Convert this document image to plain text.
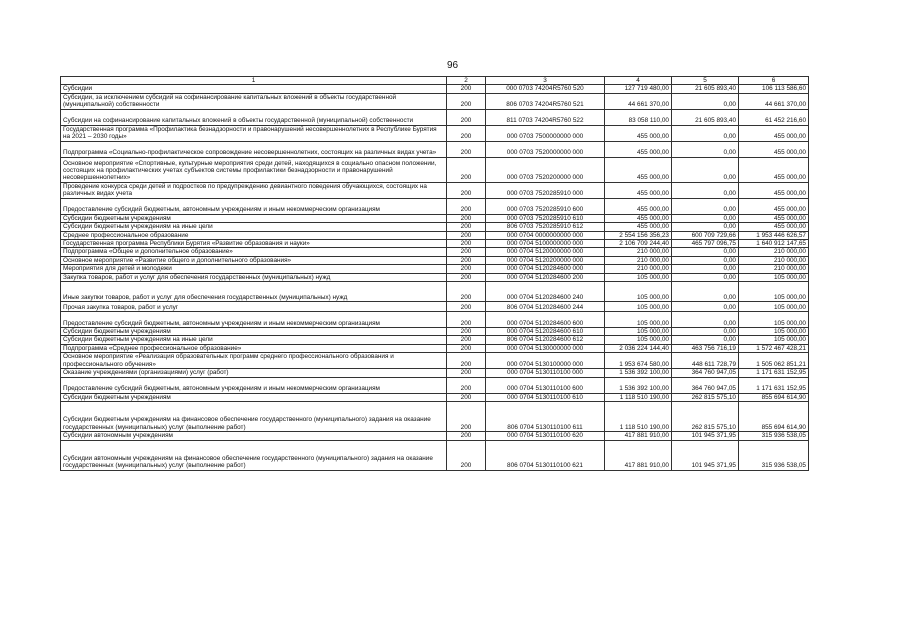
96
1	2	3	4	5	6
Субсидии	200	000 0703 74204R5760 520	127 719 480,00	21 605 893,40	106 113 586,60
Субсидии, за исключением субсидий на софинансирование капитальных вложений в объекты государственной (муниципальной) собственности	200	806 0703 74204R5760 521	44 661 370,00	0,00	44 661 370,00
Субсидии на софинансирование капитальных вложений в объекты государственной (муниципальной) собственности	200	811 0703 74204R5760 522	83 058 110,00	21 605 893,40	61 452 216,60
Государственная программа «Профилактика безнадзорности и правонарушений несовершеннолетних в Республике Бурятия на 2021 – 2030 годы»	200	000 0703 7500000000 000	455 000,00	0,00	455 000,00
Подпрограмма «Социально-профилактическое сопровождение несовершеннолетних, состоящих на различных видах учета»	200	000 0703 7520000000 000	455 000,00	0,00	455 000,00
Основное мероприятие «Спортивные, культурные мероприятия среди детей, находящихся в социально опасном положении, состоящих на профилактических учетах субъектов системы профилактики безнадзорности и правонарушений несовершеннолетних»	200	000 0703 7520200000 000	455 000,00	0,00	455 000,00
Проведение конкурса среди детей и подростков по предупреждению девиантного поведения обучающихся, состоящих на различных видах учета	200	000 0703 7520285910 000	455 000,00	0,00	455 000,00
Предоставление субсидий бюджетным, автономным учреждениям и иным некоммерческим организациям	200	000 0703 7520285910 600	455 000,00	0,00	455 000,00
Субсидии бюджетным учреждениям	200	000 0703 7520285910 610	455 000,00	0,00	455 000,00
Субсидии бюджетным учреждениям на иные цели	200	806 0703 7520285910 612	455 000,00	0,00	455 000,00
Среднее профессиональное образование	200	000 0704 0000000000 000	2 554 156 356,23	600 709 729,66	1 953 446 626,57
Государственная программа Республики Бурятия «Развитие образования и науки»	200	000 0704 5100000000 000	2 106 709 244,40	465 797 096,75	1 640 912 147,65
Подпрограмма «Общее и дополнительное образование»	200	000 0704 5120000000 000	210 000,00	0,00	210 000,00
Основное мероприятие «Развитие общего и дополнительного образования»	200	000 0704 5120200000 000	210 000,00	0,00	210 000,00
Мероприятия для детей и молодежи	200	000 0704 5120284600 000	210 000,00	0,00	210 000,00
Закупка товаров, работ и услуг для обеспечения государственных (муниципальных) нужд	200	000 0704 5120284600 200	105 000,00	0,00	105 000,00
Иные закупки товаров, работ и услуг для обеспечения государственных (муниципальных) нужд	200	000 0704 5120284600 240	105 000,00	0,00	105 000,00
Прочая закупка товаров, работ и услуг	200	806 0704 5120284600 244	105 000,00	0,00	105 000,00
Предоставление субсидий бюджетным, автономным учреждениям и иным некоммерческим организациям	200	000 0704 5120284600 600	105 000,00	0,00	105 000,00
Субсидии бюджетным учреждениям	200	000 0704 5120284600 610	105 000,00	0,00	105 000,00
Субсидии бюджетным учреждениям на иные цели	200	806 0704 5120284600 612	105 000,00	0,00	105 000,00
Подпрограмма «Среднее профессиональное образование»	200	000 0704 5130000000 000	2 036 224 144,40	463 756 716,19	1 572 467 428,21
Основное мероприятие «Реализация образовательных программ среднего профессионального образования и профессионального обучения»	200	000 0704 5130100000 000	1 953 674 580,00	448 611 728,79	1 505 062 851,21
Оказание учреждениями (организациями) услуг (работ)	200	000 0704 5130110100 000	1 536 392 100,00	364 760 947,05	1 171 631 152,95
Предоставление субсидий бюджетным, автономным учреждениям и иным некоммерческим организациям	200	000 0704 5130110100 600	1 536 392 100,00	364 760 947,05	1 171 631 152,95
Субсидии бюджетным учреждениям	200	000 0704 5130110100 610	1 118 510 190,00	262 815 575,10	855 694 614,90
Субсидии бюджетным учреждениям на финансовое обеспечение государственного (муниципального) задания на оказание государственных (муниципальных) услуг (выполнение работ)	200	806 0704 5130110100 611	1 118 510 190,00	262 815 575,10	855 694 614,90
Субсидии автономным учреждениям	200	000 0704 5130110100 620	417 881 910,00	101 945 371,95	315 936 538,05
Субсидии автономным учреждениям на финансовое обеспечение государственного (муниципального) задания на оказание государственных (муниципальных) услуг (выполнение работ)	200	806 0704 5130110100 621	417 881 910,00	101 945 371,95	315 936 538,05
